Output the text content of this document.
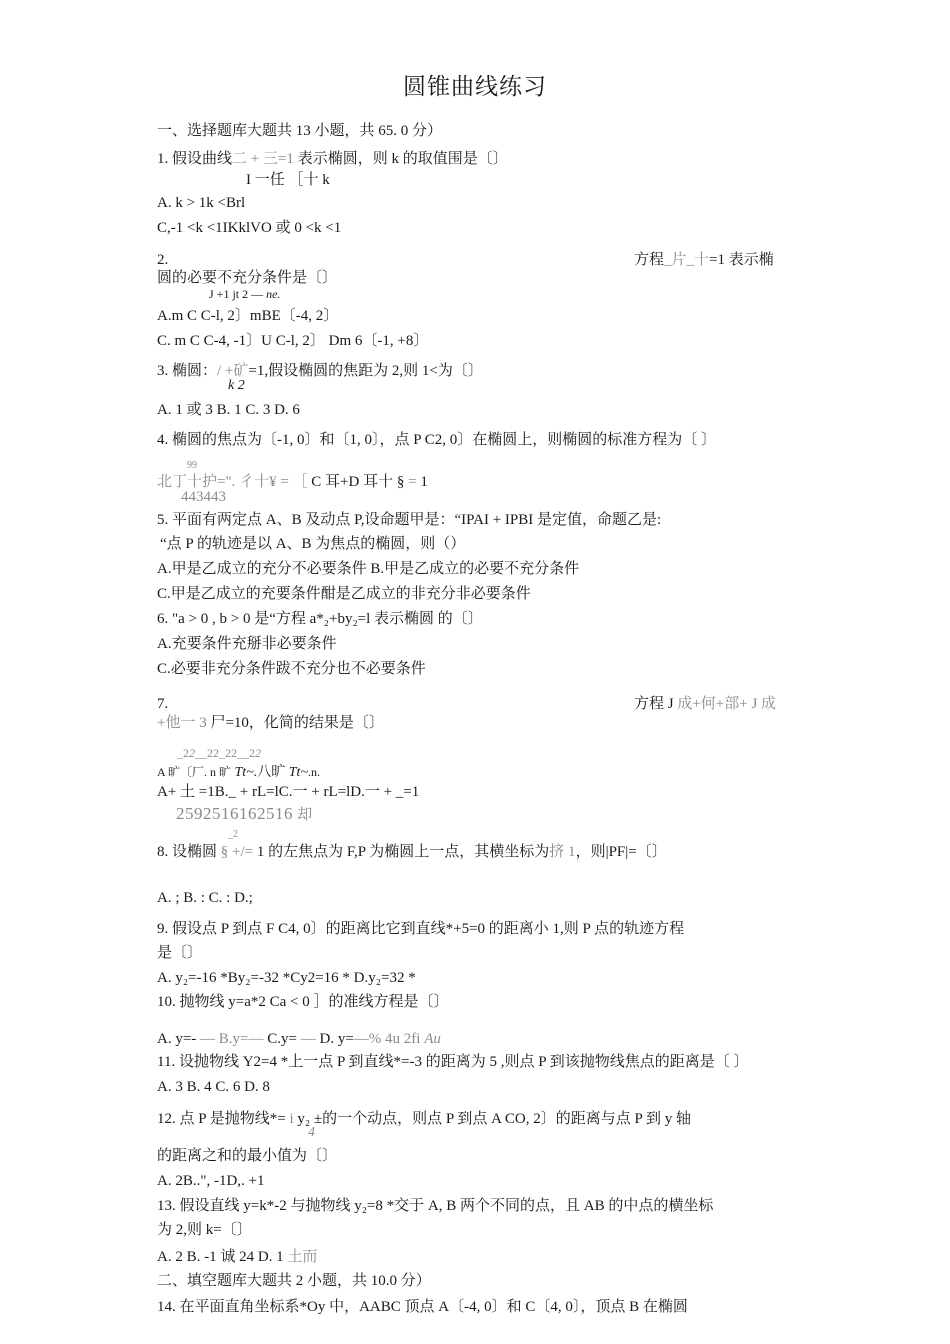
圆锥曲线练习
一、选择题库大题共 13 小题，共 65. 0 分）
1. 假设曲线二 + 三=1 表示椭圆，则 k 的取值围是〔〕
I 一任 ［十 k
A. k > 1k <Brl
C,-1 <k <1IKklVO 或 0 <k <1
2.	方程_片_十=1 表示椭
圆的必要不充分条件是〔〕
J +1 jt 2 — ne.
A.m C C-l, 2〕mBE〔-4, 2〕
C. m C C-4, -1〕U C-l, 2〕 Dm 6〔-1, +8〕
3. 椭圆：/ +矿=1,假设椭圆的焦距为 2,则 1<为〔〕
k 2
A. 1 或 3 B. 1 C. 3 D. 6
4. 椭圆的焦点为〔-1, 0〕和〔1, 0〕，点 P C2, 0〕在椭圆上，则椭圆的标准方程为〔 〕
99
北丁十护=". 彳十¥ = ［ C 耳+D 耳十 § = 1
443443
5. 平面有两定点 A、B 及动点 P,设命题甲是：“IPAI + IPBI 是定值，命题乙是:
“点 P 的轨迹是以 A、B 为焦点的椭圆，则（）
A.甲是乙成立的充分不必要条件 B.甲是乙成立的必要不充分条件
C.甲是乙成立的充要条件酣是乙成立的非充分非必要条件
6. "a > 0 , b > 0 是“方程 a*₂+by₂=l 表示椭圆 的〔〕
A.充要条件充掰非必要条件
C.必要非充分条件跋不充分也不必要条件
7.	方程 J 成+何+部+ J 成
+他一 3 尸=10，化简的结果是〔〕
_22__22_22__22
A 旷〔厂. n 旷 Tt~.八旷 Tt~.n.
A+ 土 =1B._ + rL=lC.一 + rL=lD.一 + _=1
2592516162516 却
_2
8. 设椭圆 § +/= 1 的左焦点为 F,P 为椭圆上一点，其横坐标为挤 1，则|PF|=〔〕
A. ; B. : C. : D.;
9. 假设点 P 到点 F C4, 0〕的距离比它到直线*+5=0 的距离小 1,则 P 点的轨迹方程
是〔〕
A. y₂=-16 *By₂=-32 *Cy2=16 * D.y₂=32 *
10. 抛物线 y=a*2 Ca < 0 ］的准线方程是〔〕
A. y=- — B.y=— C.y= — D. y=—% 4u 2fi Au
11. 设抛物线 Y2=4 *上一点 P 到直线*=-3 的距离为 5 ,则点 P 到该抛物线焦点的距离是〔 〕
A. 3 B. 4 C. 6 D. 8
12. 点 P 是抛物线*= i y₂ ±的一个动点，则点 P 到点 A CO, 2〕的距离与点 P 到 y 轴
4
的距离之和的最小值为〔〕
A. 2B..", -1D,. +1
13. 假设直线 y=k*-2 与抛物线 y₂=8 *交于 A, B 两个不同的点，且 AB 的中点的横坐标
为 2,则 k=〔〕
A. 2 B. -1 诚 24 D. 1 土而
二、填空题库大题共 2 小题，共 10.0 分）
14. 在平面直角坐标系*Oy 中，AABC 顶点 A〔-4, 0〕和 C〔4, 0〕，顶点 B 在椭圆
